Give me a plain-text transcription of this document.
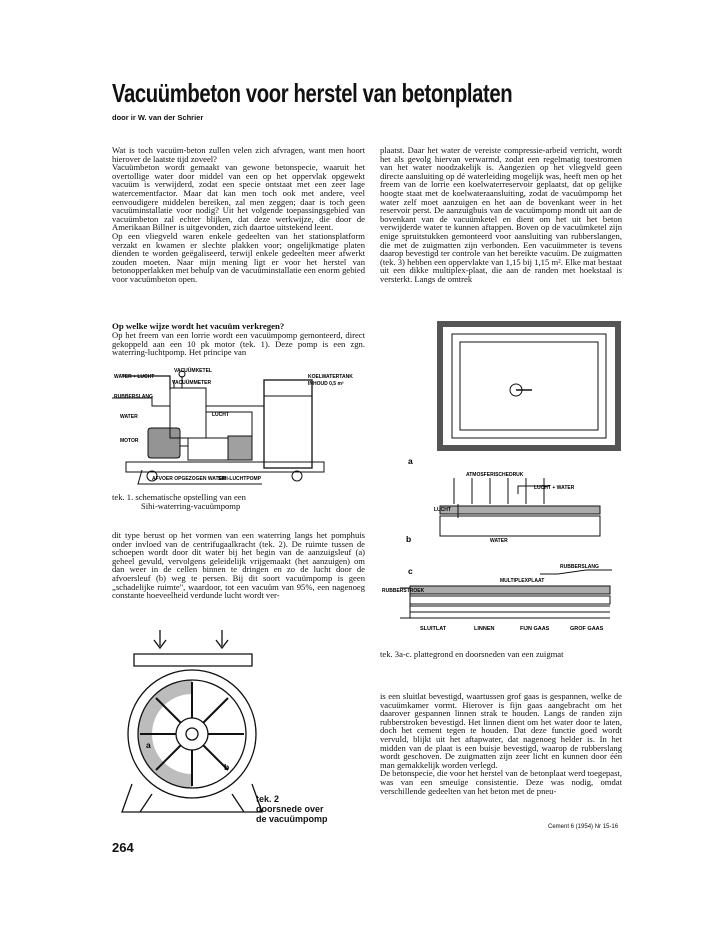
Vacuümbeton voor herstel van betonplaten
door ir W. van der Schrier

Wat is toch vacuüm-beton zullen velen zich afvragen, want men hoort hierover de laatste tijd zoveel?

Vacuümbeton wordt gemaakt van gewone betonspecie, waaruit het overtollige water door middel van een op het oppervlak opgewekt vacuüm is verwijderd, zodat een specie ontstaat met een zeer lage watercementfactor. Maar dat kan men toch ook met andere, veel eenvoudigere middelen bereiken, zal men zeggen; daar is toch geen vacuüminstallatie voor nodig? Uit het volgende toepassingsgebied van vacuümbeton zal echter blijken, dat deze werkwijze, die door de Amerikaan Billner is uitgevonden, zich daartoe uitstekend leent.

Op een vliegveld waren enkele gedeelten van het stationsplatform verzakt en kwamen er slechte plakken voor; ongelijkmatige platen dienden te worden geëgaliseerd, terwijl enkele gedeelten meer afwerkt zouden moeten. Naar mijn mening ligt er voor het herstel van betonopperlakken met behulp van de vacuüminstallatie een enorm gebied voor vacuümbeton open.

Op welke wijze wordt het vacuüm verkregen?
Op het freem van een lorrie wordt een vacuümpomp gemonteerd, direct gekoppeld aan een 10 pk motor (tek. 1). Deze pomp is een zgn. waterring-luchtpomp. Het principe van
VACUÜMKETEL
WATER + LUCHT
VACUÜMMETER
KOELWATERTANK
INHOUD 0,5 m³
RUBBERSLANG
WATER	LUCHT
MOTOR
AFVOER OPGEZOGEN WATER
SIHI-LUCHTPOMP
tek. 1. schematische opstelling van een
Sihi-waterring-vacuümpomp
dit type berust op het vormen van een waterring langs het pomphuis onder invloed van de centrifugaalkracht (tek. 2). De ruimte tussen de schoepen wordt door dit water bij het begin van de aanzuigsleuf (a) geheel gevuld, vervolgens geleidelijk vrijgemaakt (het aanzuigen) om dan weer in de cellen binnen te dringen en zo de lucht door de afvoersleuf (b) weg te persen. Bij dit soort vacuümpomp is geen „schadelijke ruimte", waardoor, tot een vacuüm van 95%, een nagenoeg constante hoeveelheid verdunde lucht wordt ver-
a
b
tek. 2
doorsnede over
de vacuümpomp
plaatst. Daar het water de vereiste compressie-arbeid verricht, wordt het als gevolg hiervan verwarmd, zodat een regelmatig toestromen van het water noodzakelijk is. Aangezien op het vliegveld geen directe aansluiting op dé waterleiding mogelijk was, heeft men op het freem van de lorrie een koelwaterreservoir geplaatst, dat op gelijke hoogte staat met de koelwateraansluiting, zodat de vacuümpomp het water zelf moet aanzuigen en het aan de bovenkant weer in het reservoir perst. De aanzuigbuis van de vacuümpomp mondt uit aan de bovenkant van de vacuümketel en dient om het uit het beton verwijderde water te kunnen aftappen. Boven op de vacuümketel zijn enige spruitstukken gemonteerd voor aansluiting van rubberslangen, die met de zuigmatten zijn verbonden. Een vacuümmeter is tevens daarop bevestigd ter controle van het bereikte vacuüm. De zuigmatten (tek. 3) hebben een oppervlakte van 1,15 bij 1,15 m². Elke mat bestaat uit een dikke multiplex-plaat, die aan de randen met hoekstaal is versterkt. Langs de omtrek
a
ATMOSFERISCHEDRUK
LUCHT + WATER
LUCHT
WATER
b
c	RUBBERSLANG
MULTIPLEXPLAAT
RUBBERSTROEK
SLUITLAT	LINNEN	FIJN GAAS	GROF GAAS
tek. 3a-c. plattegrond en doorsneden van een zuigmat

is een sluitlat bevestigd, waartussen grof gaas is gespannen, welke de vacuümkamer vormt. Hierover is fijn gaas aangebracht om het daarover gespannen linnen strak te houden. Langs de randen zijn rubberstroken bevestigd. Het linnen dient om het water door te laten, doch het cement tegen te houden. Dat deze functie goed wordt vervuld, blijkt uit het aftapwater, dat nagenoeg helder is. In het midden van de plaat is een buisje bevestigd, waarop de rubberslang wordt geschoven. De zuigmatten zijn zeer licht en kunnen door één man gemakkelijk worden verlegd.

De betonspecie, die voor het herstel van de betonplaat werd toegepast, was van een smeuïge consistentie. Deze was nodig, omdat verschillende gedeelten van het beton met de pneu-

Cement 6 (1954) Nr 15-16
264
